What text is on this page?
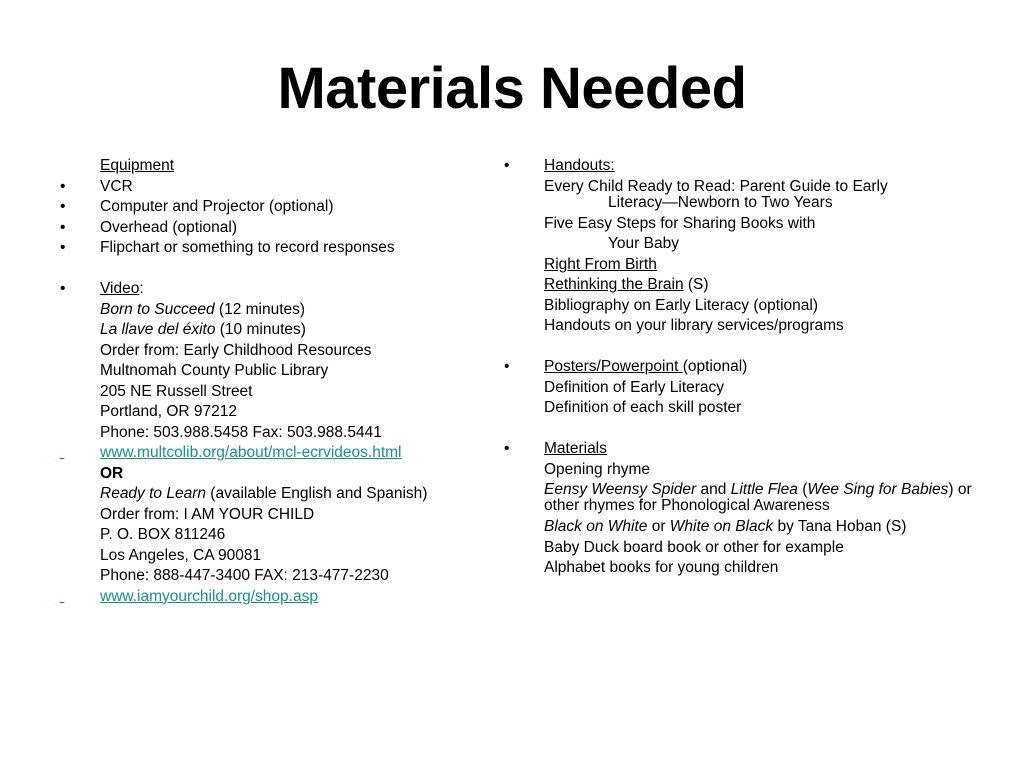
Materials Needed
Equipment
• VCR
• Computer and Projector (optional)
• Overhead (optional)
• Flipchart or something to record responses
• Video:
Born to Succeed (12 minutes)
La llave del éxito (10 minutes)
Order from: Early Childhood Resources
Multnomah County Public Library
205 NE Russell Street
Portland, OR 97212
Phone: 503.988.5458 Fax: 503.988.5441
www.multcolib.org/about/mcl-ecrvideos.html
OR
Ready to Learn (available English and Spanish)
Order from: I AM YOUR CHILD
P. O. BOX 811246
Los Angeles, CA 90081
Phone: 888-447-3400 FAX: 213-477-2230
www.iamyourchild.org/shop.asp
• Handouts:
Every Child Ready to Read: Parent Guide to Early
Literacy—Newborn to Two Years
Five Easy Steps for Sharing Books with
Your Baby
Right From Birth
Rethinking the Brain (S)
Bibliography on Early Literacy (optional)
Handouts on your library services/programs
• Posters/Powerpoint (optional)
Definition of Early Literacy
Definition of each skill poster
• Materials
Opening rhyme
Eensy Weensy Spider and Little Flea (Wee Sing for Babies) or other rhymes for Phonological Awareness
Black on White or White on Black by Tana Hoban (S)
Baby Duck board book or other for example
Alphabet books for young children
